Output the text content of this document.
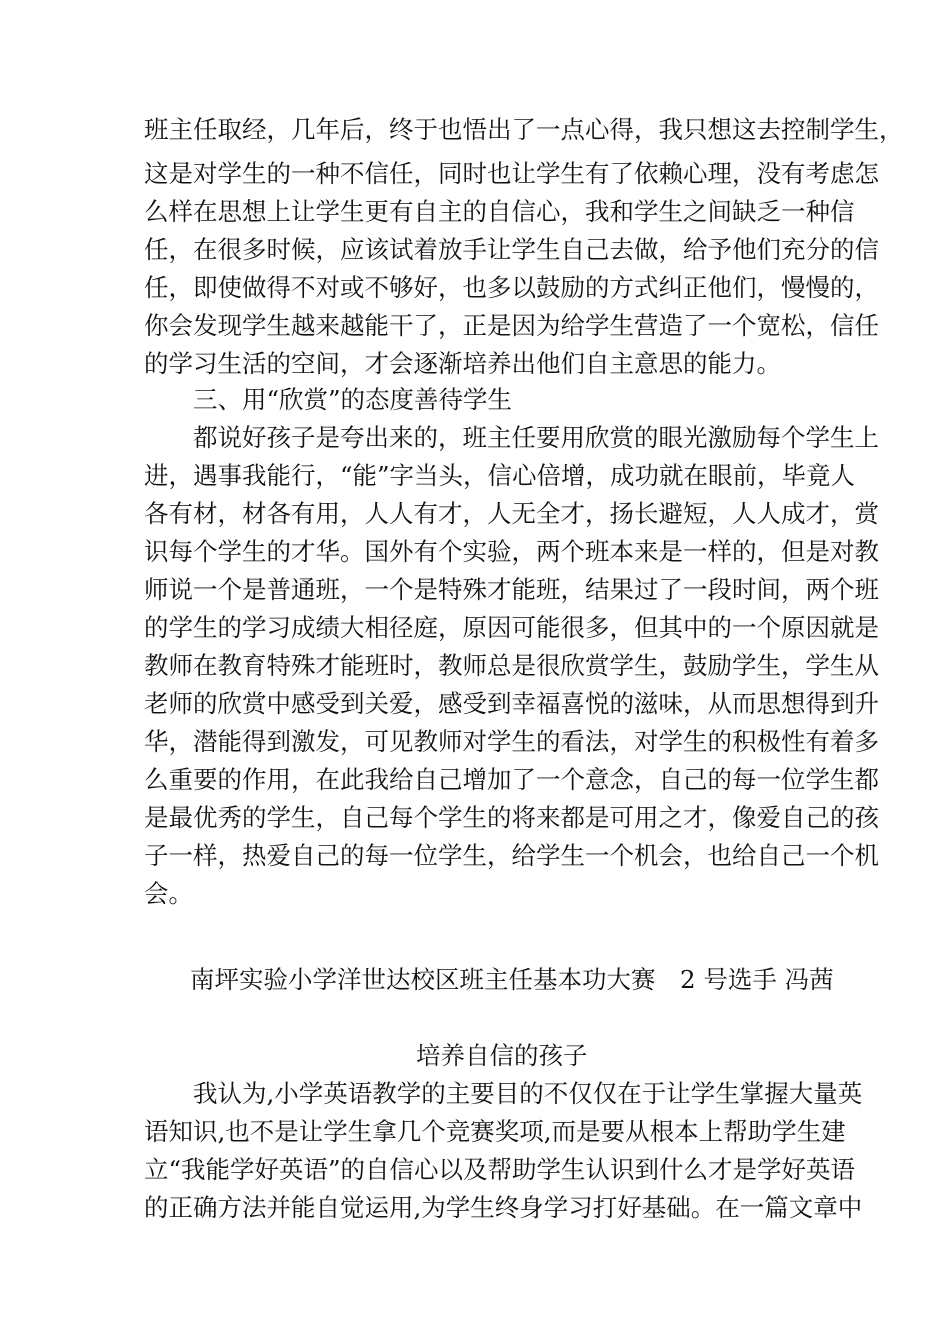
班主任取经，几年后，终于也悟出了一点心得，我只想这去控制学生，
这是对学生的一种不信任，同时也让学生有了依赖心理，没有考虑怎
么样在思想上让学生更有自主的自信心，我和学生之间缺乏一种信
任，在很多时候，应该试着放手让学生自己去做，给予他们充分的信
任，即使做得不对或不够好，也多以鼓励的方式纠正他们，慢慢的，
你会发现学生越来越能干了，正是因为给学生营造了一个宽松，信任
的学习生活的空间，才会逐渐培养出他们自主意思的能力。
三、用“欣赏”的态度善待学生
都说好孩子是夸出来的，班主任要用欣赏的眼光激励每个学生上
进，遇事我能行，“能”字当头，信心倍增，成功就在眼前，毕竟人
各有材，材各有用，人人有才，人无全才，扬长避短，人人成才，赏
识每个学生的才华。国外有个实验，两个班本来是一样的，但是对教
师说一个是普通班，一个是特殊才能班，结果过了一段时间，两个班
的学生的学习成绩大相径庭，原因可能很多，但其中的一个原因就是
教师在教育特殊才能班时，教师总是很欣赏学生，鼓励学生，学生从
老师的欣赏中感受到关爱，感受到幸福喜悦的滋味，从而思想得到升
华，潜能得到激发，可见教师对学生的看法，对学生的积极性有着多
么重要的作用，在此我给自己增加了一个意念，自己的每一位学生都
是最优秀的学生，自己每个学生的将来都是可用之才，像爱自己的孩
子一样，热爱自己的每一位学生，给学生一个机会，也给自己一个机
会。
南坪实验小学洋世达校区班主任基本功大赛　2 号选手 冯茜
培养自信的孩子
我认为,小学英语教学的主要目的不仅仅在于让学生掌握大量英
语知识,也不是让学生拿几个竞赛奖项,而是要从根本上帮助学生建
立“我能学好英语”的自信心以及帮助学生认识到什么才是学好英语
的正确方法并能自觉运用,为学生终身学习打好基础。在一篇文章中
